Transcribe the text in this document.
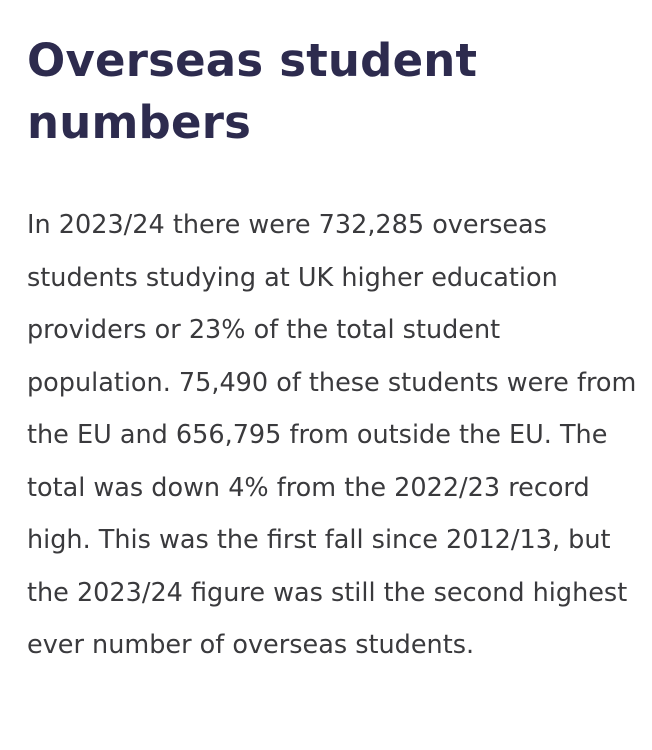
Overseas student numbers

In 2023/24 there were 732,285 overseas students studying at UK higher education providers or 23% of the total student population. 75,490 of these students were from the EU and 656,795 from outside the EU. The total was down 4% from the 2022/23 record high. This was the first fall since 2012/13, but the 2023/24 figure was still the second highest ever number of overseas students.
